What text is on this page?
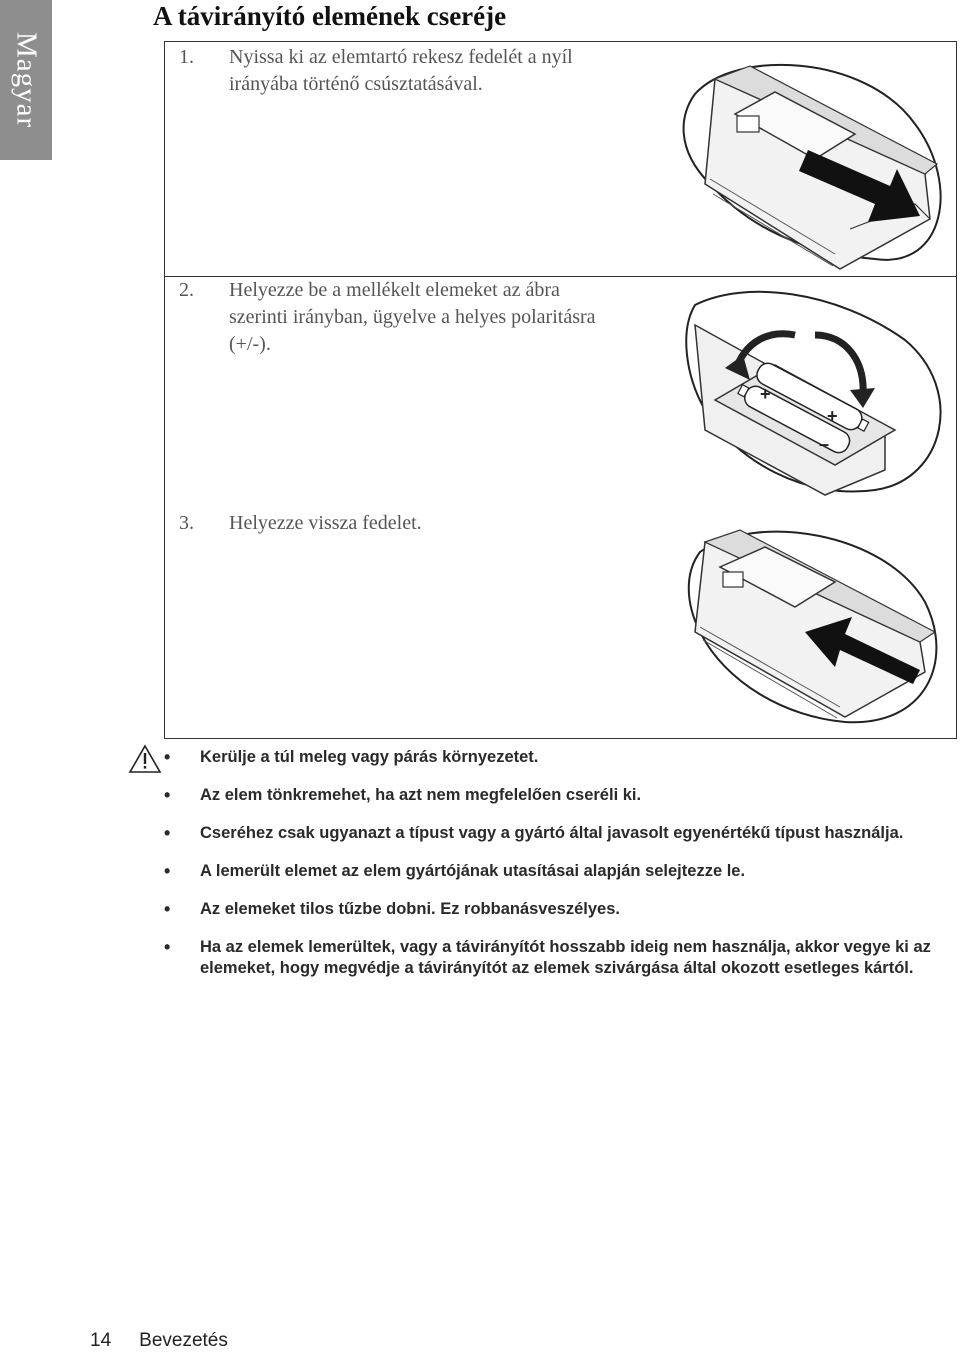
Magyar
A távirányító elemének cseréje
1.	Nyissa ki az elemtartó rekesz fedelét a nyíl irányába történő csúsztatásával.
2.	Helyezze be a mellékelt elemeket az ábra szerinti irányban, ügyelve a helyes polaritásra (+/-).
3.	Helyezze vissza fedelet.
+
+
–
• Kerülje a túl meleg vagy párás környezetet.
• Az elem tönkremehet, ha azt nem megfelelően cseréli ki.
• Cseréhez csak ugyanazt a típust vagy a gyártó által javasolt egyenértékű típust használja.
• A lemerült elemet az elem gyártójának utasításai alapján selejtezze le.
• Az elemeket tilos tűzbe dobni. Ez robbanásveszélyes.
• Ha az elemek lemerültek, vagy a távirányítót hosszabb ideig nem használja, akkor vegye ki az elemeket, hogy megvédje a távirányítót az elemek szivárgása által okozott esetleges kártól.
14 Bevezetés
